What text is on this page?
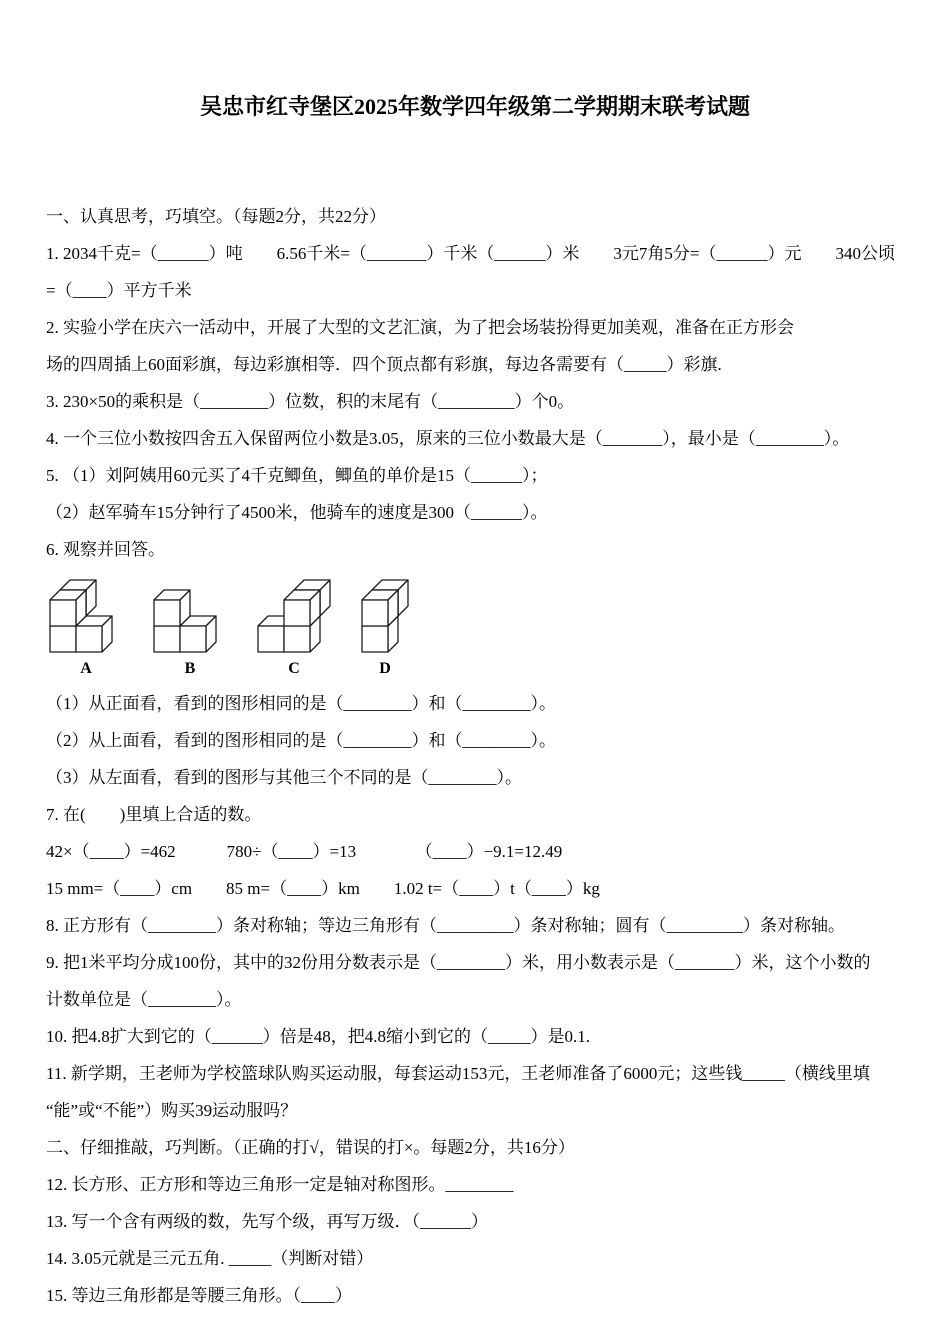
吴忠市红寺堡区2025年数学四年级第二学期期末联考试题

一、认真思考，巧填空。（每题2分，共22分）

1. 2034千克=（______）吨　　6.56千米=（_______）千米（______）米　　3元7角5分=（______）元　　340公顷

=（____）平方千米

2. 实验小学在庆六一活动中，开展了大型的文艺汇演，为了把会场装扮得更加美观，准备在正方形会

场的四周插上60面彩旗，每边彩旗相等．四个顶点都有彩旗，每边各需要有（_____）彩旗.

3. 230×50的乘积是（________）位数，积的末尾有（_________）个0。

4. 一个三位小数按四舍五入保留两位小数是3.05，原来的三位小数最大是（_______），最小是（________）。

5. （1）刘阿姨用60元买了4千克鲫鱼，鲫鱼的单价是15（______）；

（2）赵军骑车15分钟行了4500米，他骑车的速度是300（______）。

6. 观察并回答。

A	B	C	D

（1）从正面看，看到的图形相同的是（________）和（________）。

（2）从上面看，看到的图形相同的是（________）和（________）。

（3）从左面看，看到的图形与其他三个不同的是（________）。

7. 在(　　)里填上合适的数。

42×（____）=462　　　780÷（____）=13　　　　（____）−9.1=12.49

15 mm=（____）cm　　85 m=（____）km　　1.02 t=（____）t（____）kg

8. 正方形有（________）条对称轴；等边三角形有（_________）条对称轴；圆有（_________）条对称轴。

9. 把1米平均分成100份，其中的32份用分数表示是（________）米，用小数表示是（_______）米，这个小数的

计数单位是（________）。

10. 把4.8扩大到它的（______）倍是48，把4.8缩小到它的（_____）是0.1.

11. 新学期，王老师为学校篮球队购买运动服，每套运动153元，王老师准备了6000元；这些钱_____（横线里填

“能”或“不能”）购买39运动服吗？

二、仔细推敲，巧判断。（正确的打√，错误的打×。每题2分，共16分）

12. 长方形、正方形和等边三角形一定是轴对称图形。________

13. 写一个含有两级的数，先写个级，再写万级．（______）

14. 3.05元就是三元五角. _____（判断对错）

15. 等边三角形都是等腰三角形。（____）
